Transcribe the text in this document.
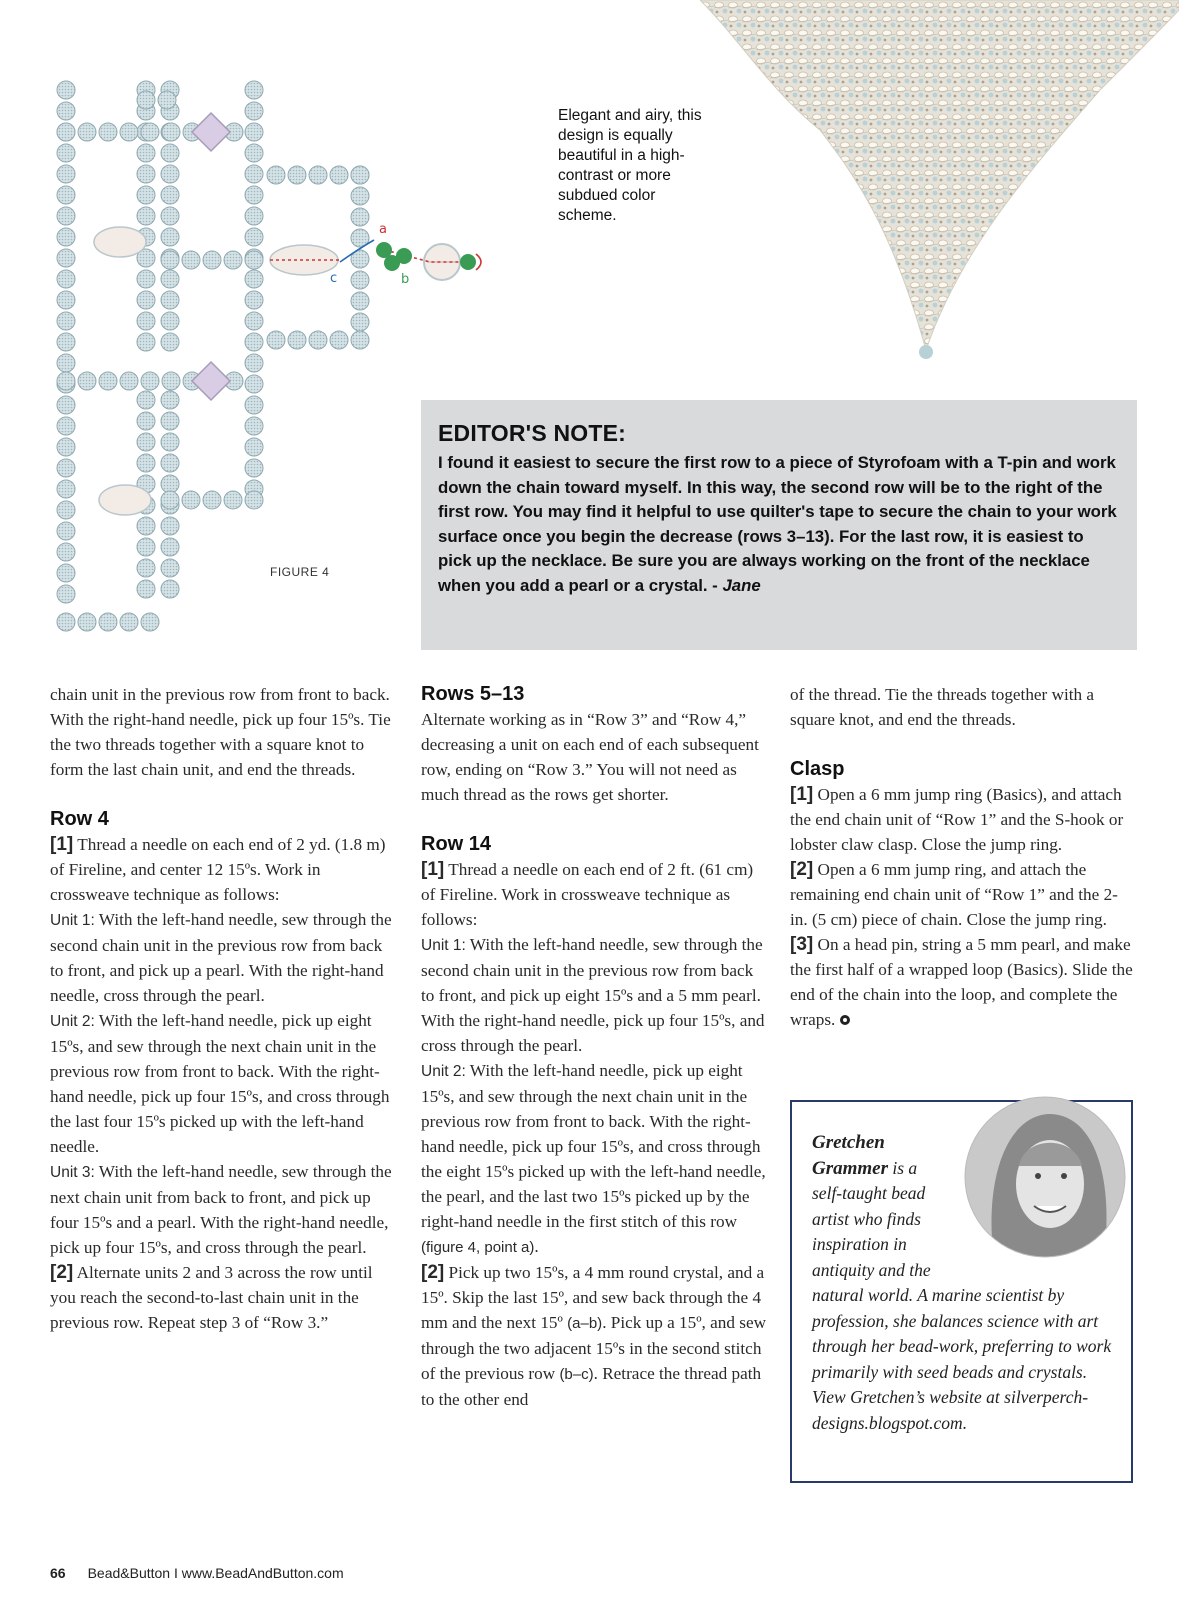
a
b
c
FIGURE 4
Elegant and airy, this design is equally beautiful in a high-contrast or more subdued color scheme.
EDITOR'S NOTE:

I found it easiest to secure the first row to a piece of Styrofoam with a T-pin and work down the chain toward myself. In this way, the second row will be to the right of the first row. You may find it helpful to use quilter's tape to secure the chain to your work surface once you begin the decrease (rows 3–13). For the last row, it is easiest to pick up the necklace. Be sure you are always working on the front of the necklace when you add a pearl or a crystal. - Jane

chain unit in the previous row from front to back. With the right-hand needle, pick up four 15ºs. Tie the two threads together with a square knot to form the last chain unit, and end the threads.

Row 4

[1] Thread a needle on each end of 2 yd. (1.8 m) of Fireline, and center 12 15ºs. Work in crossweave technique as follows:

Unit 1: With the left-hand needle, sew through the second chain unit in the previous row from back to front, and pick up a pearl. With the right-hand needle, cross through the pearl.

Unit 2: With the left-hand needle, pick up eight 15ºs, and sew through the next chain unit in the previous row from front to back. With the right-hand needle, pick up four 15ºs, and cross through the last four 15ºs picked up with the left-hand needle.

Unit 3: With the left-hand needle, sew through the next chain unit from back to front, and pick up four 15ºs and a pearl. With the right-hand needle, pick up four 15ºs, and cross through the pearl.

[2] Alternate units 2 and 3 across the row until you reach the second-to-last chain unit in the previous row. Repeat step 3 of “Row 3.”

Rows 5–13

Alternate working as in “Row 3” and “Row 4,” decreasing a unit on each end of each subsequent row, ending on “Row 3.” You will not need as much thread as the rows get shorter.

Row 14

[1] Thread a needle on each end of 2 ft. (61 cm) of Fireline. Work in crossweave technique as follows:

Unit 1: With the left-hand needle, sew through the second chain unit in the previous row from back to front, and pick up eight 15ºs and a 5 mm pearl. With the right-hand needle, pick up four 15ºs, and cross through the pearl.

Unit 2: With the left-hand needle, pick up eight 15ºs, and sew through the next chain unit in the previous row from front to back. With the right-hand needle, pick up four 15ºs, and cross through the eight 15ºs picked up with the left-hand needle, the pearl, and the last two 15ºs picked up by the right-hand needle in the first stitch of this row (figure 4, point a).

[2] Pick up two 15ºs, a 4 mm round crystal, and a 15º. Skip the last 15º, and sew back through the 4 mm and the next 15º (a–b). Pick up a 15º, and sew through the two adjacent 15ºs in the second stitch of the previous row (b–c). Retrace the thread path to the other end

of the thread. Tie the threads together with a square knot, and end the threads.

Clasp

[1] Open a 6 mm jump ring (Basics), and attach the end chain unit of “Row 1” and the S-hook or lobster claw clasp. Close the jump ring.

[2] Open a 6 mm jump ring, and attach the remaining end chain unit of “Row 1” and the 2-in. (5 cm) piece of chain. Close the jump ring.

[3] On a head pin, string a 5 mm pearl, and make the first half of a wrapped loop (Basics). Slide the end of the chain into the loop, and complete the wraps.

Gretchen Grammer is a self-taught bead artist who finds inspiration in antiquity and the natural world. A marine scientist by profession, she balances science with art through her bead-work, preferring to work primarily with seed beads and crystals. View Gretchen’s website at silverperch-designs.blogspot.com.
66 Bead&Button I www.BeadAndButton.com
